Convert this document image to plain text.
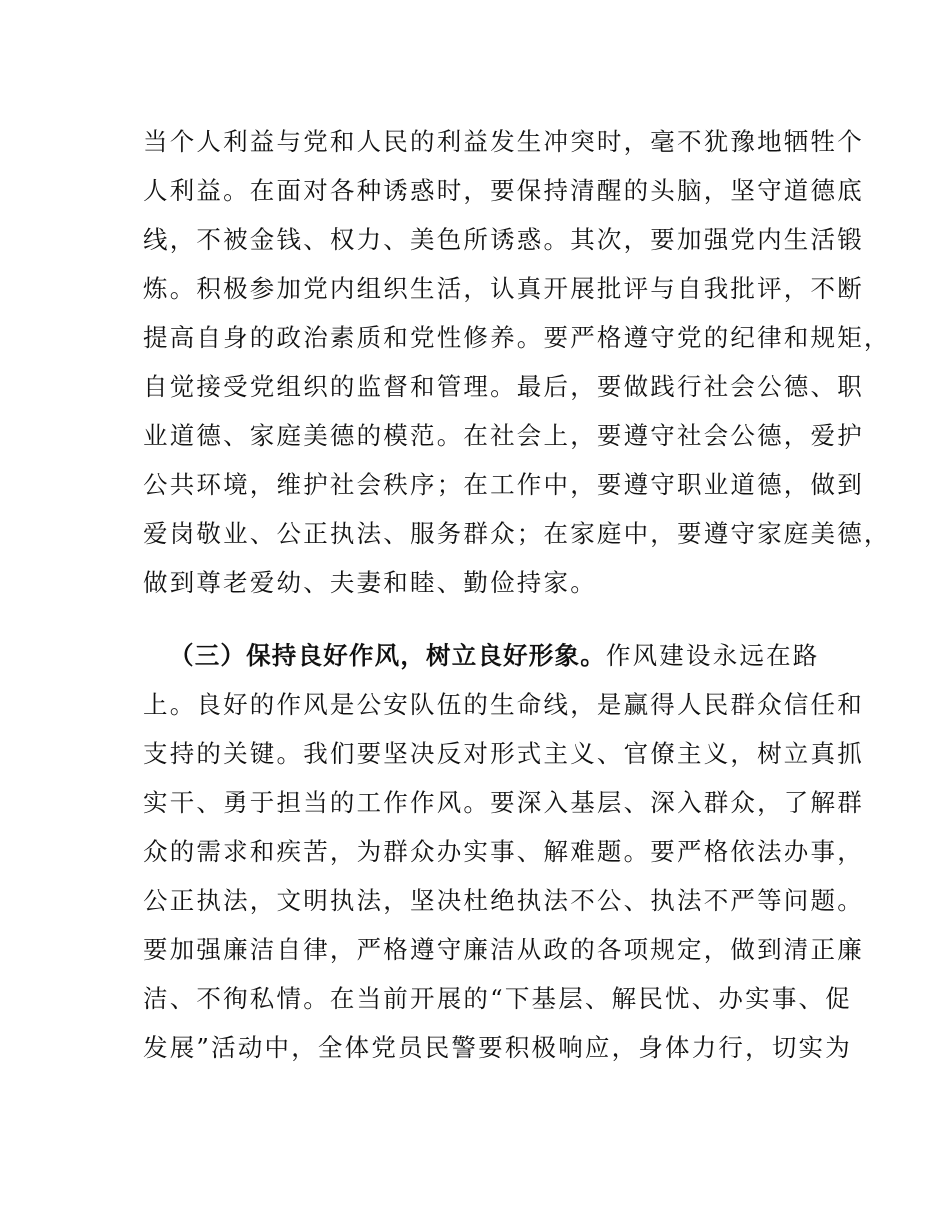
当个人利益与党和人民的利益发生冲突时，毫不犹豫地牺牲个
人利益。在面对各种诱惑时，要保持清醒的头脑，坚守道德底
线，不被金钱、权力、美色所诱惑。其次，要加强党内生活锻
炼。积极参加党内组织生活，认真开展批评与自我批评，不断
提高自身的政治素质和党性修养。要严格遵守党的纪律和规矩，
自觉接受党组织的监督和管理。最后，要做践行社会公德、职
业道德、家庭美德的模范。在社会上，要遵守社会公德，爱护
公共环境，维护社会秩序；在工作中，要遵守职业道德，做到
爱岗敬业、公正执法、服务群众；在家庭中，要遵守家庭美德，
做到尊老爱幼、夫妻和睦、勤俭持家。
（三）保持良好作风，树立良好形象。作风建设永远在路
上。良好的作风是公安队伍的生命线，是赢得人民群众信任和
支持的关键。我们要坚决反对形式主义、官僚主义，树立真抓
实干、勇于担当的工作作风。要深入基层、深入群众，了解群
众的需求和疾苦，为群众办实事、解难题。要严格依法办事，
公正执法，文明执法，坚决杜绝执法不公、执法不严等问题。
要加强廉洁自律，严格遵守廉洁从政的各项规定，做到清正廉
洁、不徇私情。在当前开展的“下基层、解民忧、办实事、促
发展”活动中，全体党员民警要积极响应，身体力行，切实为
